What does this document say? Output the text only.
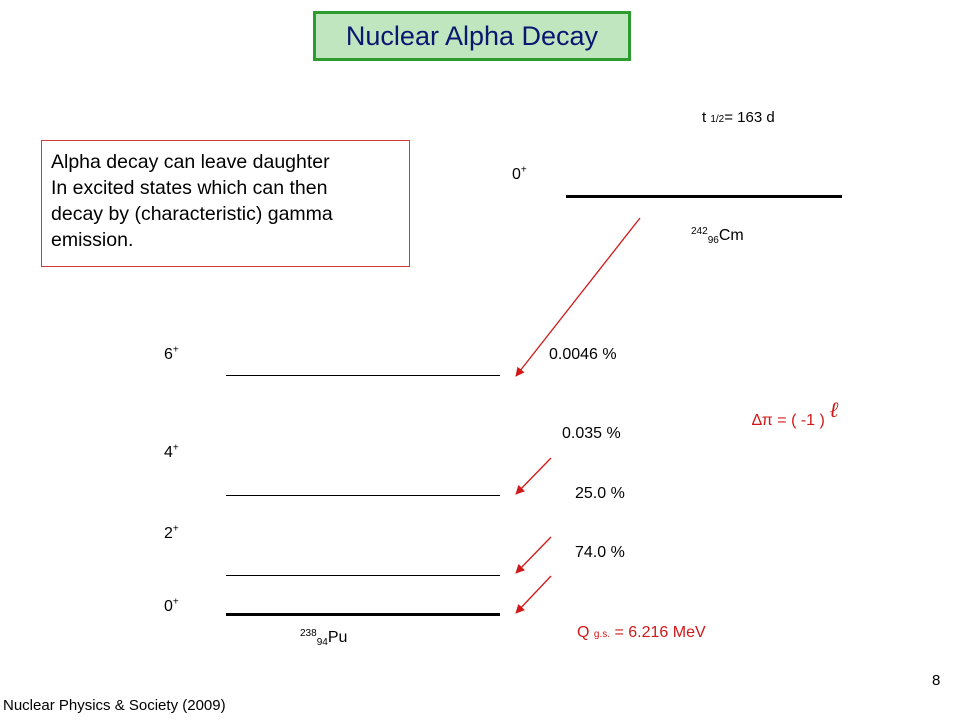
Nuclear Alpha Decay
Alpha decay can leave daughter
In excited states which can then
decay by (characteristic) gamma
emission.
t 1/2= 163 d
0+
$^{242}$96Cm
6+
4+
2+
0+
$^{238}$94Pu
0.0046 %
0.035 %
25.0 %
74.0 %
∆π = ( -1 ) ℓ
Q g.s. = 6.216 MeV
Nuclear Physics & Society (2009)
8
